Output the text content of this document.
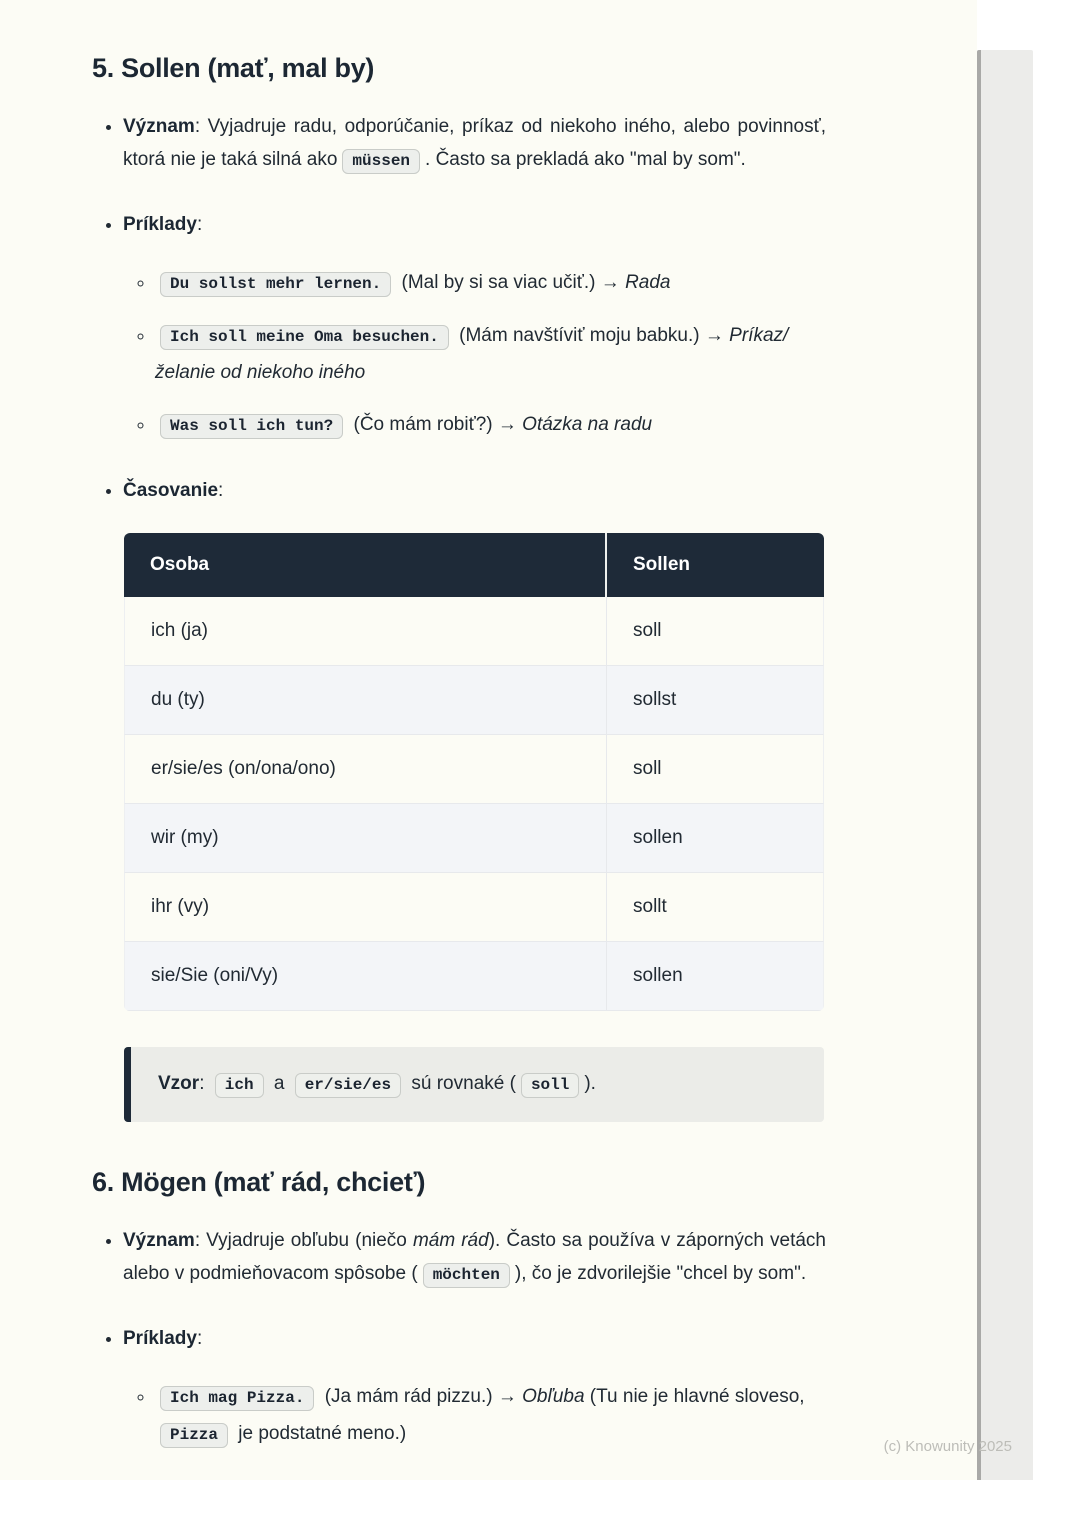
5. Sollen (mať, mal by)
• Význam: Vyjadruje radu, odporúčanie, príkaz od niekoho iného, alebo povinnosť, ktorá nie je taká silná ako müssen . Často sa prekladá ako "mal by som".
• Príklady:
◦ Du sollst mehr lernen. (Mal by si sa viac učiť.) → Rada
◦ Ich soll meine Oma besuchen. (Mám navštíviť moju babku.) → Príkaz/želanie od niekoho iného
◦ Was soll ich tun? (Čo mám robiť?) → Otázka na radu
• Časovanie:
Osoba	Sollen
ich (ja)	soll
du (ty)	sollst
er/sie/es (on/ona/ono)	soll
wir (my)	sollen
ihr (vy)	sollt
sie/Sie (oni/Vy)	sollen
Vzor: ich a er/sie/es sú rovnaké ( soll ).
6. Mögen (mať rád, chcieť)
• Význam: Vyjadruje obľubu (niečo mám rád). Často sa používa v záporných vetách alebo v podmieňovacom spôsobe ( möchten ), čo je zdvorilejšie "chcel by som".
• Príklady:
◦ Ich mag Pizza. (Ja mám rád pizzu.) → Obľuba (Tu nie je hlavné sloveso, Pizza je podstatné meno.)
(c) Knowunity 2025
